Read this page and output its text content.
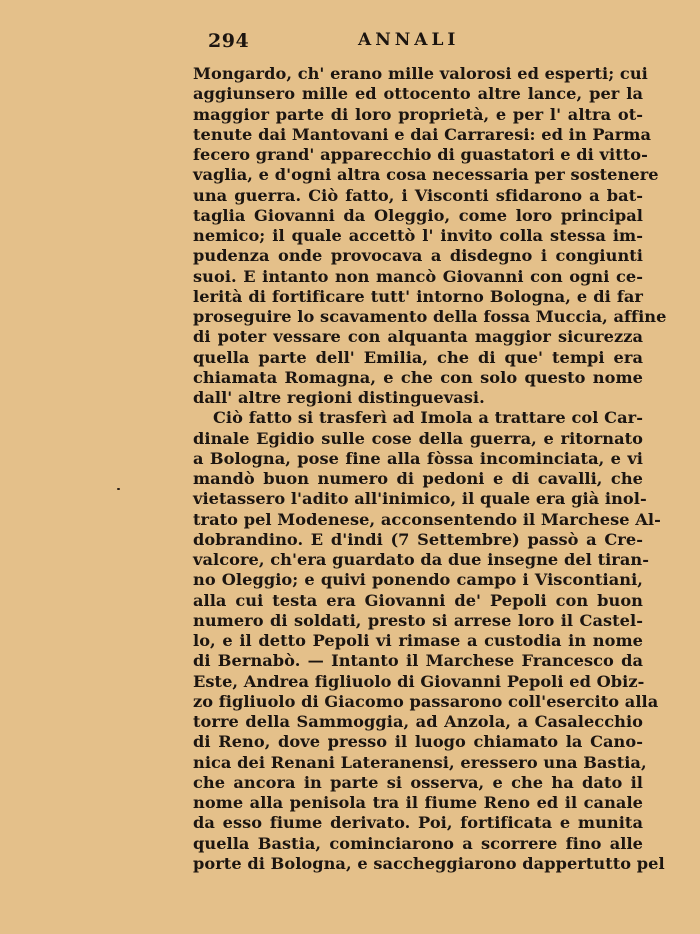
294	ANNALI
Mongardo, ch' erano mille valorosi ed esperti; cui
aggiunsero mille ed ottocento altre lance, per la
maggior parte di loro proprietà, e per l' altra ot-
tenute dai Mantovani e dai Carraresi: ed in Parma
fecero grand' apparecchio di guastatori e di vitto-
vaglia, e d'ogni altra cosa necessaria per sostenere
una guerra. Ciò fatto, i Visconti sfidarono a bat-
taglia Giovanni da Oleggio, come loro principal
nemico; il quale accettò l' invito colla stessa im-
pudenza onde provocava a disdegno i congiunti
suoi. E intanto non mancò Giovanni con ogni ce-
lerità di fortificare tutt' intorno Bologna, e di far
proseguire lo scavamento della fossa Muccia, affine
di poter vessare con alquanta maggior sicurezza
quella parte dell' Emilia, che di que' tempi era
chiamata Romagna, e che con solo questo nome
dall' altre regioni distinguevasi.
Ciò fatto si trasferì ad Imola a trattare col Car-
dinale Egidio sulle cose della guerra, e ritornato
a Bologna, pose fine alla fòssa incominciata, e vi
mandò buon numero di pedoni e di cavalli, che
vietassero l'adito all'inimico, il quale era già inol-
trato pel Modenese, acconsentendo il Marchese Al-
dobrandino. E d'indi (7 Settembre) passò a Cre-
valcore, ch'era guardato da due insegne del tiran-
no Oleggio; e quivi ponendo campo i Viscontiani,
alla cui testa era Giovanni de' Pepoli con buon
numero di soldati, presto si arrese loro il Castel-
lo, e il detto Pepoli vi rimase a custodia in nome
di Bernabò. — Intanto il Marchese Francesco da
Este, Andrea figliuolo di Giovanni Pepoli ed Obiz-
zo figliuolo di Giacomo passarono coll'esercito alla
torre della Sammoggia, ad Anzola, a Casalecchio
di Reno, dove presso il luogo chiamato la Cano-
nica dei Renani Lateranensi, eressero una Bastia,
che ancora in parte si osserva, e che ha dato il
nome alla penisola tra il fiume Reno ed il canale
da esso fiume derivato. Poi, fortificata e munita
quella Bastia, cominciarono a scorrere fino alle
porte di Bologna, e saccheggiarono dappertutto pel
